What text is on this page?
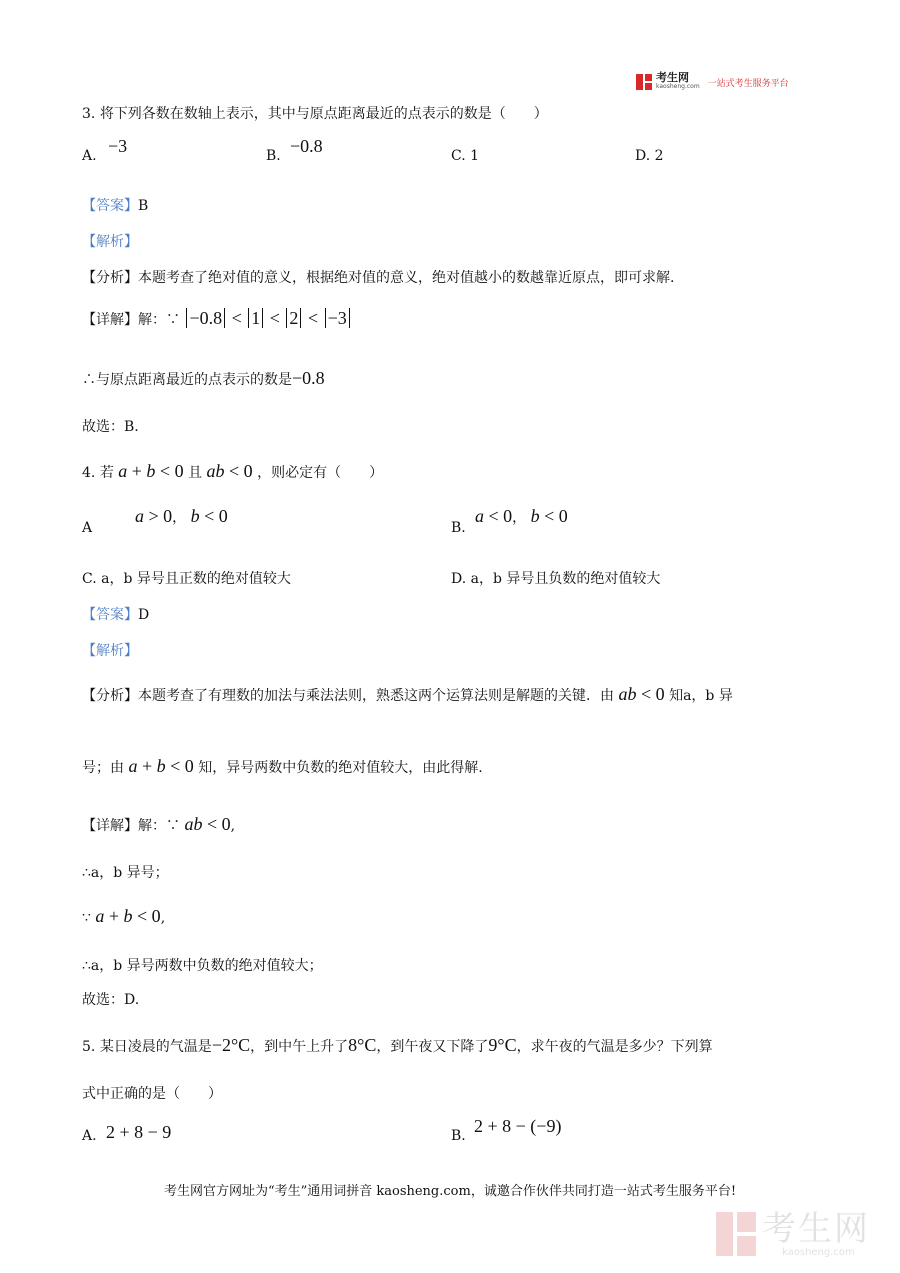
考生网
kaosheng.com 一站式考生服务平台
3. 将下列各数在数轴上表示，其中与原点距离最近的点表示的数是（　　）
A. −3	B. −0.8	C. 1	D. 2
【答案】B
【解析】
【分析】本题考查了绝对值的意义，根据绝对值的意义，绝对值越小的数越靠近原点，即可求解.
【详解】解：∵ −0.8 < 1 < 2 < −3
∴与原点距离最近的点表示的数是−0.8
故选：B.
4. 若 a + b < 0 且 ab < 0 ，则必定有（　　）
A
a > 0， b < 0
B.
a < 0， b < 0
C. a，b 异号且正数的绝对值较大	D. a，b 异号且负数的绝对值较大
【答案】D
【解析】
【分析】本题考查了有理数的加法与乘法法则，熟悉这两个运算法则是解题的关键．由 ab < 0 知a，b 异
号；由 a + b < 0 知，异号两数中负数的绝对值较大，由此得解.
【详解】解：∵ ab < 0,
∴a，b 异号；
∵ a + b < 0,
∴a，b 异号两数中负数的绝对值较大；
故选：D.
5. 某日凌晨的气温是−2°C，到中午上升了8°C，到午夜又下降了9°C，求午夜的气温是多少？下列算
式中正确的是（　　）
A. 2 + 8 − 9	B. 2 + 8 − (−9)
考生网官方网址为“考生”通用词拼音 kaosheng.com，诚邀合作伙伴共同打造一站式考生服务平台!
考生网
kaosheng.com
